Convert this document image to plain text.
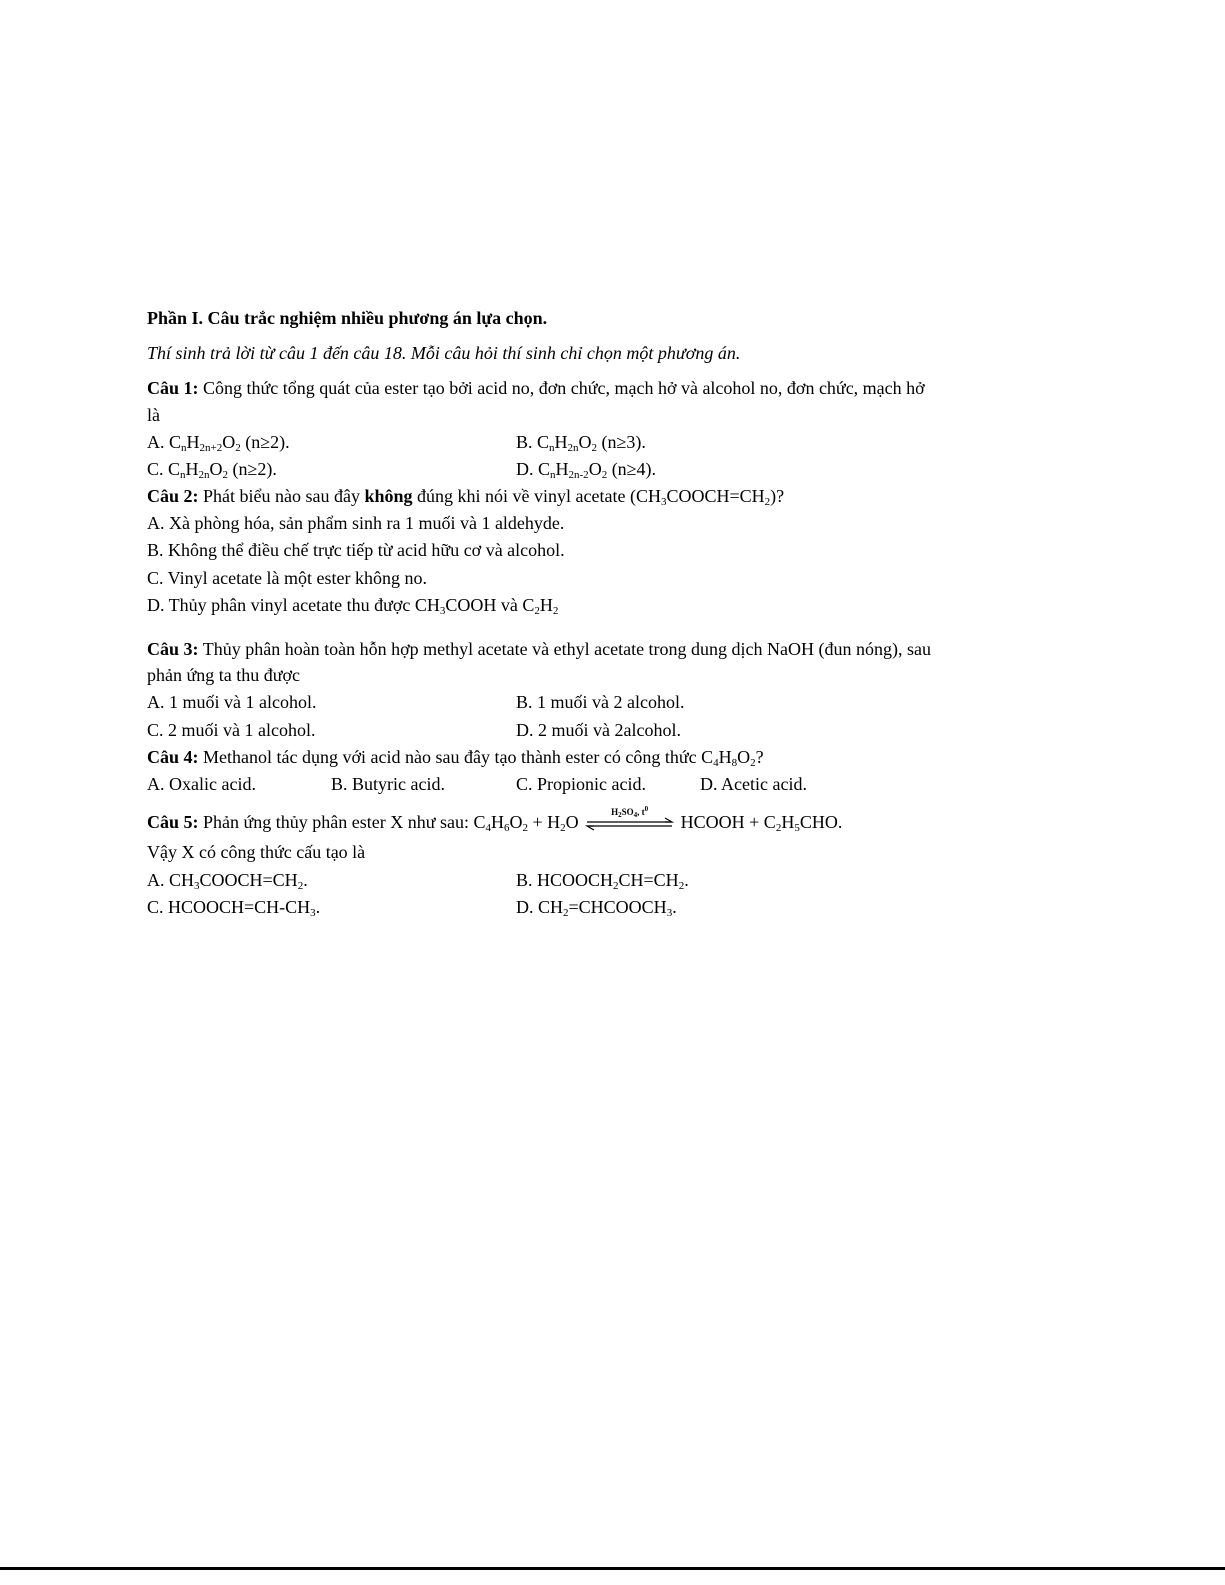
Phần I. Câu trắc nghiệm nhiều phương án lựa chọn.
Thí sinh trả lời từ câu 1 đến câu 18. Mỗi câu hỏi thí sinh chỉ chọn một phương án.
Câu 1: Công thức tổng quát của ester tạo bởi acid no, đơn chức, mạch hở và alcohol no, đơn chức, mạch hở
là
A. $C_nH_{2n+2}O_2$ (n≥2).	B. $C_nH_{2n}O_2$ (n≥3).
C. $C_nH_{2n}O_2$ (n≥2).	D. $C_nH_{2n-2}O_2$ (n≥4).
Câu 2: Phát biểu nào sau đây không đúng khi nói về vinyl acetate $(CH_3COOCH=CH_2)$?
A. Xà phòng hóa, sản phẩm sinh ra 1 muối và 1 aldehyde.
B. Không thể điều chế trực tiếp từ acid hữu cơ và alcohol.
C. Vinyl acetate là một ester không no.
D. Thủy phân vinyl acetate thu được $CH_3COOH$ và $C_2H_2$
Câu 3: Thủy phân hoàn toàn hỗn hợp methyl acetate và ethyl acetate trong dung dịch NaOH (đun nóng), sau
phản ứng ta thu được
A. 1 muối và 1 alcohol.	B. 1 muối và 2 alcohol.
C. 2 muối và 1 alcohol.	D. 2 muối và 2alcohol.
Câu 4: Methanol tác dụng với acid nào sau đây tạo thành ester có công thức $C_4H_8O_2$?
A. Oxalic acid.	B. Butyric acid.	C. Propionic acid.	D. Acetic acid.
Câu 5: Phản ứng thủy phân ester X như sau: $C_4H_6O_2 + H_2O$
$H_2SO_4$, $t^0$
HCOOH + $C_2H_5CHO$.
Vậy X có công thức cấu tạo là
A. $CH_3COOCH=CH_2$.	B. $HCOOCH_2CH=CH_2$.
C. $HCOOCH=CH-CH_3$.	D. $CH_2=CHCOOCH_3$.
